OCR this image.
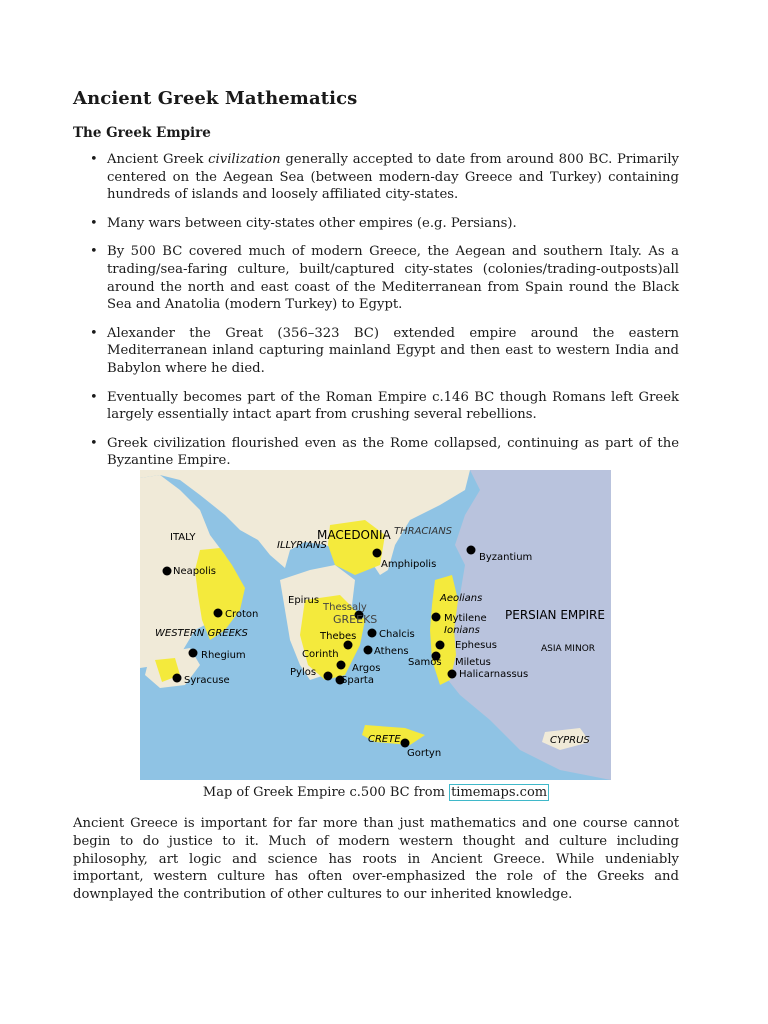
Ancient Greek Mathematics
The Greek Empire
• Ancient Greek civilization generally accepted to date from around 800 BC. Primarily centered on the Aegean Sea (between modern-day Greece and Turkey) containing hundreds of islands and loosely affiliated city-states.
• Many wars between city-states other empires (e.g. Persians).
• By 500 BC covered much of modern Greece, the Aegean and southern Italy. As a trading/sea-faring culture, built/captured city-states (colonies/trading-outposts)all around the north and east coast of the Mediterranean from Spain round the Black Sea and Anatolia (modern Turkey) to Egypt.
• Alexander the Great (356–323 BC) extended empire around the eastern Mediterranean inland capturing mainland Egypt and then east to western India and Babylon where he died.
• Eventually becomes part of the Roman Empire c.146 BC though Romans left Greek largely essentially intact apart from crushing several rebellions.
• Greek civilization flourished even as the Rome collapsed, continuing as part of the Byzantine Empire.
ITALY
ILLYRIANS
MACEDONIA THRACIANS
WESTERN GREEKS
Thessaly
GREEKS
Aeolians
Ionians
PERSIAN EMPIRE
ASIA MINOR
CRETE	CYPRUS
Neapolis
Croton
Rhegium
Syracuse
Epirus
Amphipolis
Byzantium
Mytilene
Thebes Chalcis
Corinth	Athens
Argos
Pylos
Sparta
Ephesus
Samos Miletus
Halicarnassus
Gortyn
Map of Greek Empire c.500 BC from timemaps.com

Ancient Greece is important for far more than just mathematics and one course cannot begin to do justice to it. Much of modern western thought and culture including philosophy, art logic and science has roots in Ancient Greece. While undeniably important, western culture has often over-emphasized the role of the Greeks and downplayed the contribution of other cultures to our inherited knowledge.
